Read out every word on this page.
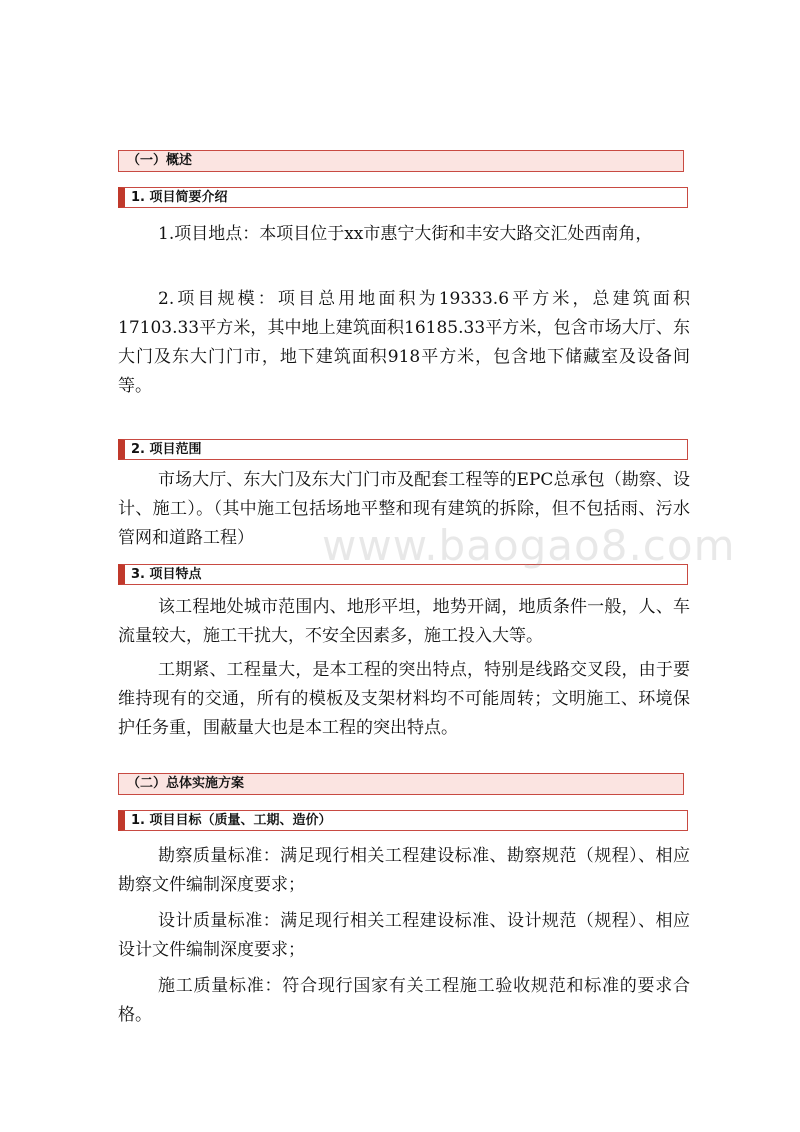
（一）概述
1. 项目简要介绍

1.项目地点：本项目位于xx市惠宁大街和丰安大路交汇处西南角，

2.项目规模：项目总用地面积为19333.6平方米，总建筑面积17103.33平方米，其中地上建筑面积16185.33平方米，包含市场大厅、东大门及东大门门市，地下建筑面积918平方米，包含地下储藏室及设备间等。

2. 项目范围

市场大厅、东大门及东大门门市及配套工程等的EPC总承包（勘察、设计、施工）。（其中施工包括场地平整和现有建筑的拆除，但不包括雨、污水管网和道路工程）

3. 项目特点

该工程地处城市范围内、地形平坦，地势开阔，地质条件一般，人、车流量较大，施工干扰大，不安全因素多，施工投入大等。

工期紧、工程量大，是本工程的突出特点，特别是线路交叉段，由于要维持现有的交通，所有的模板及支架材料均不可能周转；文明施工、环境保护任务重，围蔽量大也是本工程的突出特点。

（二）总体实施方案
1. 项目目标（质量、工期、造价）

勘察质量标准：满足现行相关工程建设标准、勘察规范（规程）、相应勘察文件编制深度要求；

设计质量标准：满足现行相关工程建设标准、设计规范（规程）、相应设计文件编制深度要求；

施工质量标准：符合现行国家有关工程施工验收规范和标准的要求合格。

www.baogao8.com
